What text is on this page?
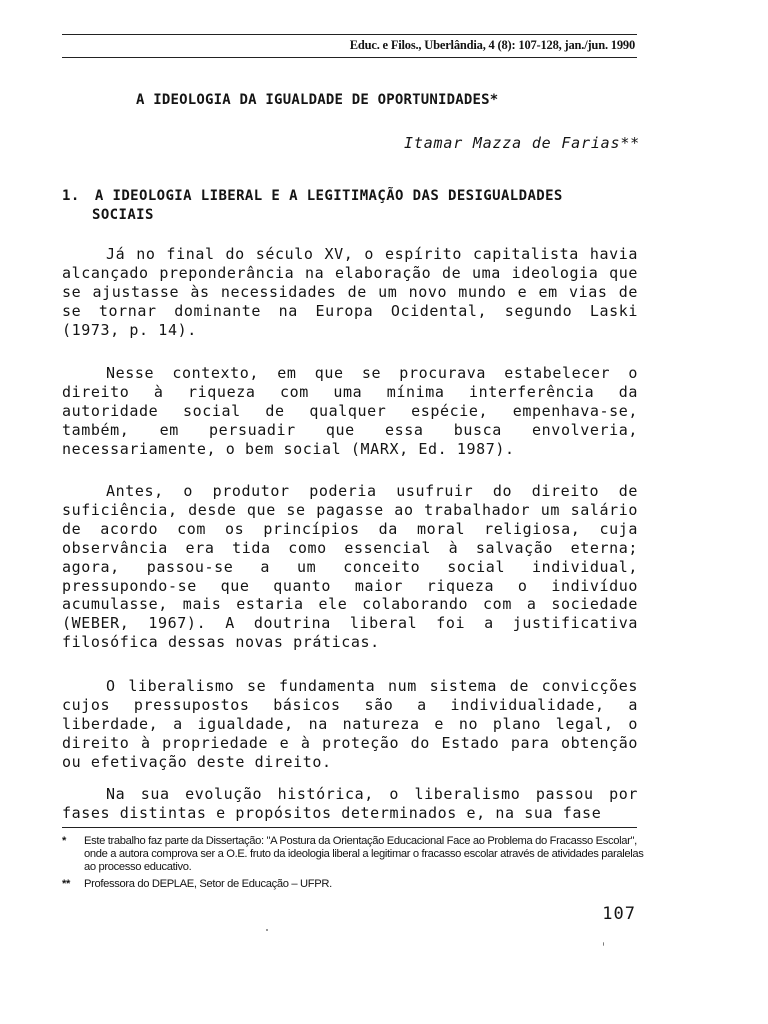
Educ. e Filos., Uberlândia, 4 (8): 107-128, jan./jun. 1990
A IDEOLOGIA DA IGUALDADE DE OPORTUNIDADES*
Itamar Mazza de Farias**
1. A IDEOLOGIA LIBERAL E A LEGITIMAÇÃO DAS DESIGUALDADES
SOCIAIS

Já no final do século XV, o espírito capitalista havia alcançado preponderância na elaboração de uma ideologia que se ajustasse às necessidades de um novo mundo e em vias de se tornar dominante na Europa Ocidental, segundo Laski (1973, p. 14).

Nesse contexto, em que se procurava estabelecer o direito à riqueza com uma mínima interferência da autoridade social de qualquer espécie, empenhava-se, também, em persuadir que essa busca envolveria, necessariamente, o bem social (MARX, Ed. 1987).

Antes, o produtor poderia usufruir do direito de suficiência, desde que se pagasse ao trabalhador um salário de acordo com os princípios da moral religiosa, cuja observância era tida como essencial à salvação eterna; agora, passou-se a um conceito social individual, pressupondo-se que quanto maior riqueza o indivíduo acumulasse, mais estaria ele colaborando com a sociedade (WEBER, 1967). A doutrina liberal foi a justificativa filosófica dessas novas práticas.

O liberalismo se fundamenta num sistema de convicções cujos pressupostos básicos são a individualidade, a liberdade, a igualdade, na natureza e no plano legal, o direito à propriedade e à proteção do Estado para obtenção ou efetivação deste direito.

Na sua evolução histórica, o liberalismo passou por fases distintas e propósitos determinados e, na sua fase

*	Este trabalho faz parte da Dissertação: "A Postura da Orientação Educacional Face ao Problema do Fracasso Escolar", onde a autora comprova ser a O.E. fruto da ideologia liberal a legitimar o fracasso escolar através de atividades paralelas ao processo educativo.
**	Professora do DEPLAE, Setor de Educação – UFPR.
107
